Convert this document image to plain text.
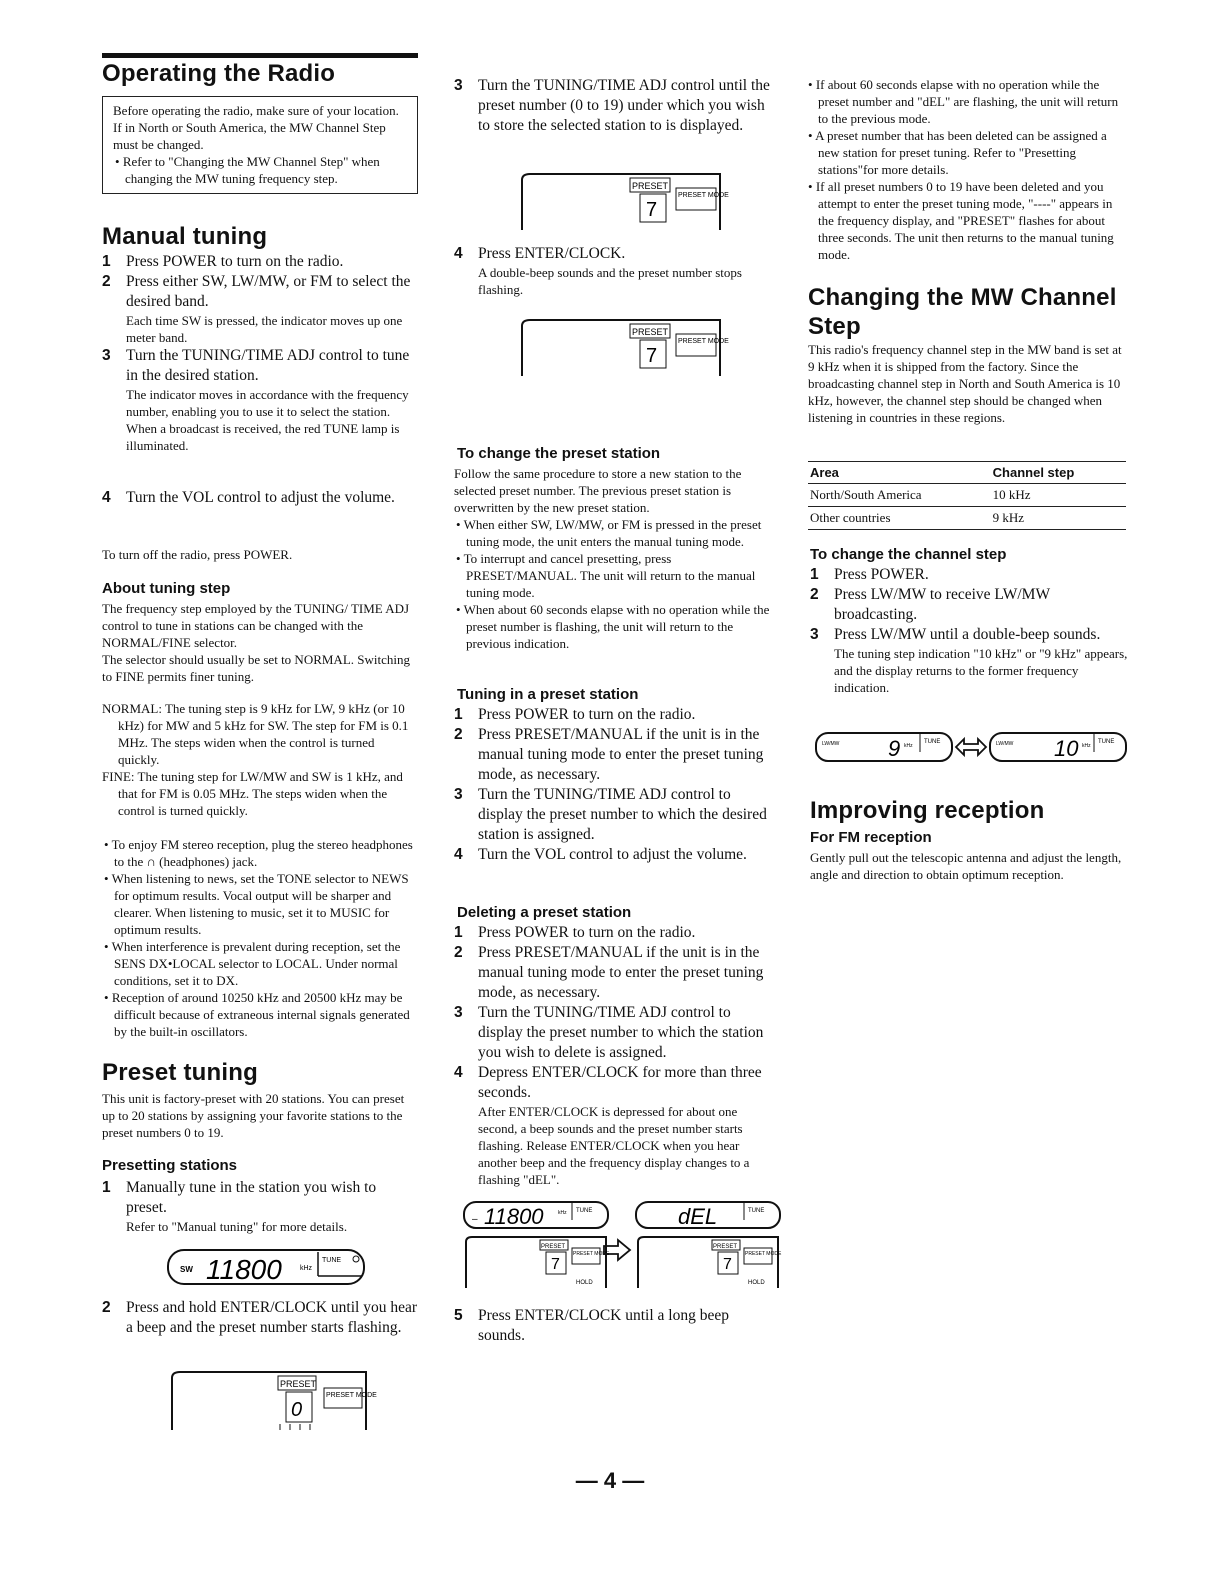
Operating the Radio
Before operating the radio, make sure of your location. If in North or South America, the MW Channel Step must be changed.
• Refer to "Changing the MW Channel Step" when changing the MW tuning frequency step.
Manual tuning
1 Press POWER to turn on the radio.
2 Press either SW, LW/MW, or FM to select the desired band.
Each time SW is pressed, the indicator moves up one meter band.
3 Turn the TUNING/TIME ADJ control to tune in the desired station.
The indicator moves in accordance with the frequency number, enabling you to use it to select the station.
When a broadcast is received, the red TUNE lamp is illuminated.
4 Turn the VOL control to adjust the volume.

To turn off the radio, press POWER.

About tuning step

The frequency step employed by the TUNING/ TIME ADJ control to tune in stations can be changed with the NORMAL/FINE selector.

The selector should usually be set to NORMAL. Switching to FINE permits finer tuning.

NORMAL: The tuning step is 9 kHz for LW, 9 kHz (or 10 kHz) for MW and 5 kHz for SW. The step for FM is 0.1 MHz. The steps widen when the control is turned quickly.
FINE: The tuning step for LW/MW and SW is 1 kHz, and that for FM is 0.05 MHz. The steps widen when the control is turned quickly.
• To enjoy FM stereo reception, plug the stereo headphones to the ∩ (headphones) jack.
• When listening to news, set the TONE selector to NEWS for optimum results. Vocal output will be sharper and clearer. When listening to music, set it to MUSIC for optimum results.
• When interference is prevalent during reception, set the SENS DX•LOCAL selector to LOCAL. Under normal conditions, set it to DX.
• Reception of around 10250 kHz and 20500 kHz may be difficult because of extraneous internal signals generated by the built-in oscillators.
Preset tuning

This unit is factory-preset with 20 stations. You can preset up to 20 stations by assigning your favorite stations to the preset numbers 0 to 19.

Presetting stations
1 Manually tune in the station you wish to preset.
Refer to "Manual tuning" for more details.
SW 11800	kHz
TUNE
2 Press and hold ENTER/CLOCK until you hear a beep and the preset number starts flashing.
PRESET
0
PRESET MODE
3 Turn the TUNING/TIME ADJ control until the preset number (0 to 19) under which you wish to store the selected station to is displayed.
PRESET
7
PRESET MODE
4 Press ENTER/CLOCK.
A double-beep sounds and the preset number stops flashing.
PRESET
7
PRESET MODE
To change the preset station

Follow the same procedure to store a new station to the selected preset number. The previous preset station is overwritten by the new preset station.

• When either SW, LW/MW, or FM is pressed in the preset tuning mode, the unit enters the manual tuning mode.
• To interrupt and cancel presetting, press PRESET/MANUAL. The unit will return to the manual tuning mode.
• When about 60 seconds elapse with no operation while the preset number is flashing, the unit will return to the previous indication.
Tuning in a preset station
1 Press POWER to turn on the radio.
2 Press PRESET/MANUAL if the unit is in the manual tuning mode to enter the preset tuning mode, as necessary.
3 Turn the TUNING/TIME ADJ control to display the preset number to which the desired station is assigned.
4 Turn the VOL control to adjust the volume.
Deleting a preset station
1 Press POWER to turn on the radio.
2 Press PRESET/MANUAL if the unit is in the manual tuning mode to enter the preset tuning mode, as necessary.
3 Turn the TUNING/TIME ADJ control to display the preset number to which the station you wish to delete is assigned.
4 Depress ENTER/CLOCK for more than three seconds.
After ENTER/CLOCK is depressed for about one second, a beep sounds and the preset number starts flashing. Release ENTER/CLOCK when you hear another beep and the frequency display changes to a flashing "dEL".
– 11800	kHz TUNE	dEL	TUNE
PRESET
7
PRESET MODE
HOLD
PRESET
7
PRESET MODE
HOLD
5 Press ENTER/CLOCK until a long beep sounds.
• If about 60 seconds elapse with no operation while the preset number and "dEL" are flashing, the unit will return to the previous mode.
• A preset number that has been deleted can be assigned a new station for preset tuning. Refer to "Presetting stations"for more details.
• If all preset numbers 0 to 19 have been deleted and you attempt to enter the preset tuning mode, "----" appears in the frequency display, and "PRESET" flashes for about three seconds. The unit then returns to the manual tuning mode.
Changing the MW Channel Step

This radio's frequency channel step in the MW band is set at 9 kHz when it is shipped from the factory. Since the broadcasting channel step in North and South America is 10 kHz, however, the channel step should be changed when listening in countries in these regions.

Area	Channel step
North/South America	10 kHz
Other countries	9 kHz
To change the channel step
1 Press POWER.
2 Press LW/MW to receive LW/MW broadcasting.
3 Press LW/MW until a double-beep sounds.
The tuning step indication "10 kHz" or "9 kHz" appears, and the display returns to the former frequency indication.
LW/MW 9 kHz
TUNE	LW/MW 10 kHz
TUNE
Improving reception
For FM reception

Gently pull out the telescopic antenna and adjust the length, angle and direction to obtain optimum reception.

— 4 —
